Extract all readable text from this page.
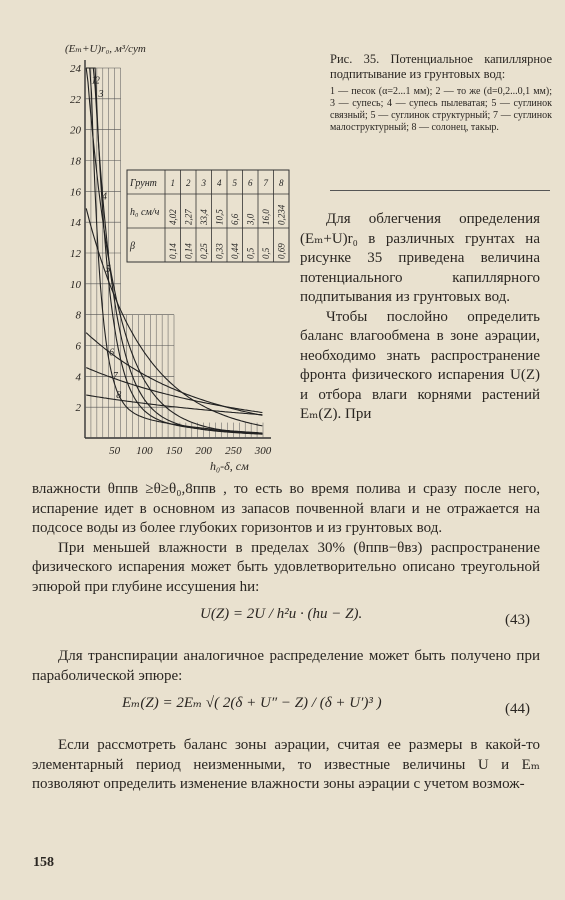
(Eₘ+U)r₀, м³/сут
24
22
20
18
16
14
12
10
8
6
4
2
50 100 150 200 250 300
1
2
3
4
5
6
7
8
Грунт 1 2 3 4 5 6 7 8
h₀ см/ч 4,02 2,27 33,4 10,5 6,6 3,0 16,0 0,234
β	0,14 0,14 0,25 0,33 0,44 0,5 0,5 0,69
h₀-δ, см
Рис. 35. Потенциальное капиллярное подпитывание из грунтовых вод:
1 — песок (α=2...1 мм); 2 — то же (d=0,2...0,1 мм); 3 — супесь; 4 — супесь пылеватая; 5 — суглинок связный; 5 — суглинок структурный; 7 — суглинок малоструктурный; 8 — солонец, такыр.

Для облегчения определения (Eₘ+U)r₀ в различных грунтах на рисунке 35 приведена величина потенциального капиллярного подпитывания из грунтовых вод.

Чтобы послойно определить баланс влагообмена в зоне аэрации, необходимо знать распространение фронта физического испарения U(Z) и отбора влаги корнями растений Eₘ(Z). При

влажности θппв ≥θ≥θ₀,8ппв , то есть во время полива и сразу после него, испарение идет в основном из запасов почвенной влаги и не отражается на подсосе воды из более глубоких горизонтов и из грунтовых вод.

При меньшей влажности в пределах 30% (θппв−θвз) распространение физического испарения может быть удовлетворительно описано треугольной эпюрой при глубине иссушения hи:

U(Z) = 2U / h²и · (hи − Z).	(43)

Для транспирации аналогичное распределение может быть получено при параболической эпюре:

Eₘ(Z) = 2Eₘ √( 2(δ + U″ − Z) / (δ + U′)³ )	(44)

Если рассмотреть баланс зоны аэрации, считая ее размеры в какой-то элементарный период неизменными, то известные величины U и Eₘ позволяют определить изменение влажности зоны аэрации с учетом возмож-

158
